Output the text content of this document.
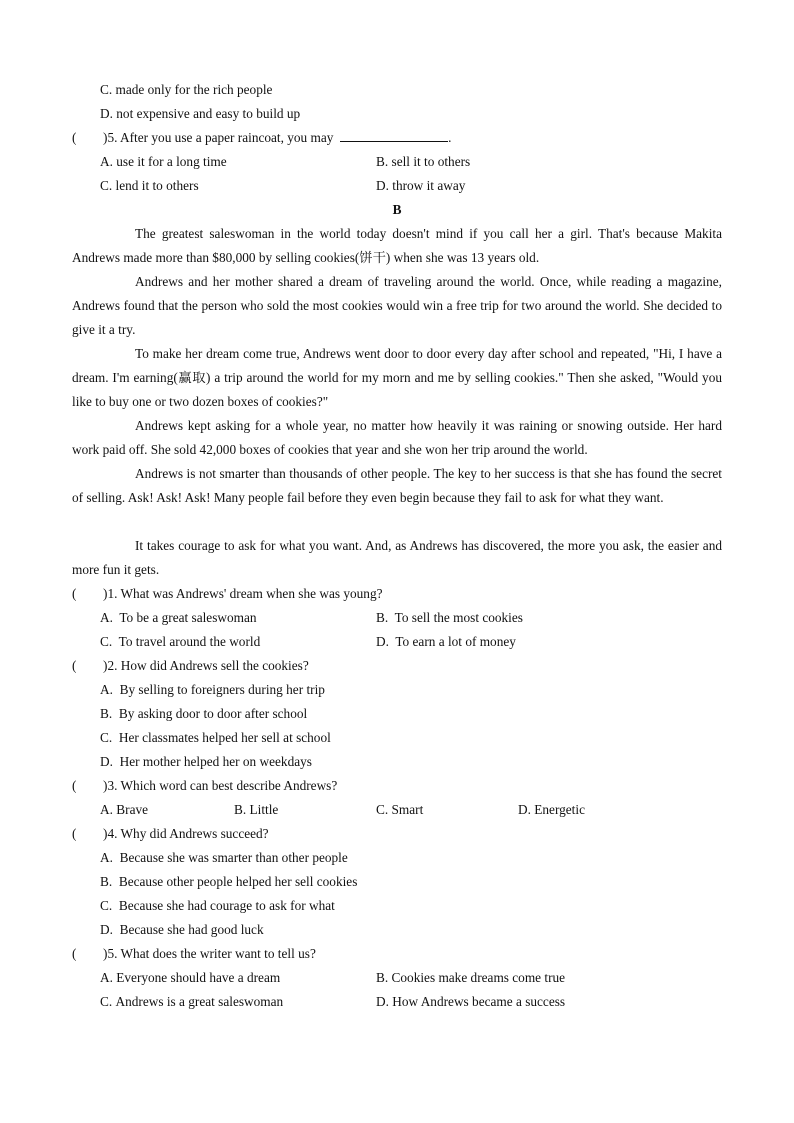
C. made only for the rich people
D. not expensive and easy to build up
(        )5. After you use a paper raincoat, you may	.
A. use it for a long time	B. sell it to others
C. lend it to others	D. throw it away
B
The greatest saleswoman in the world today doesn't mind if you call her a girl. That's because Makita Andrews made more than $80,000 by selling cookies(饼干) when she was 13 years old.
Andrews and her mother shared a dream of traveling around the world. Once, while reading a magazine, Andrews found that the person who sold the most cookies would win a free trip for two around the world. She decided to give it a try.
To make her dream come true, Andrews went door to door every day after school and repeated, "Hi, I have a dream. I'm earning(赢取) a trip around the world for my morn and me by selling cookies." Then she asked, "Would you like to buy one or two dozen boxes of cookies?"
Andrews kept asking for a whole year, no matter how heavily it was raining or snowing outside. Her hard work paid off. She sold 42,000 boxes of cookies that year and she won her trip around the world.
Andrews is not smarter than thousands of other people. The key to her success is that she has found the secret of selling. Ask! Ask! Ask! Many people fail before they even begin because they fail to ask for what they want.
It takes courage to ask for what you want. And, as Andrews has discovered, the more you ask, the easier and more fun it gets.
(        )1. What was Andrews' dream when she was young?
A. To be a great saleswoman	B. To sell the most cookies
C. To travel around the world	D. To earn a lot of money
(        )2. How did Andrews sell the cookies?
A. By selling to foreigners during her trip
B. By asking door to door after school
C. Her classmates helped her sell at school
D. Her mother helped her on weekdays
(        )3. Which word can best describe Andrews?
A. Brave	B. Little	C. Smart	D. Energetic
(        )4. Why did Andrews succeed?
A. Because she was smarter than other people
B. Because other people helped her sell cookies
C. Because she had courage to ask for what
D. Because she had good luck
(        )5. What does the writer want to tell us?
A. Everyone should have a dream	B. Cookies make dreams come true
C. Andrews is a great saleswoman	D. How Andrews became a success
